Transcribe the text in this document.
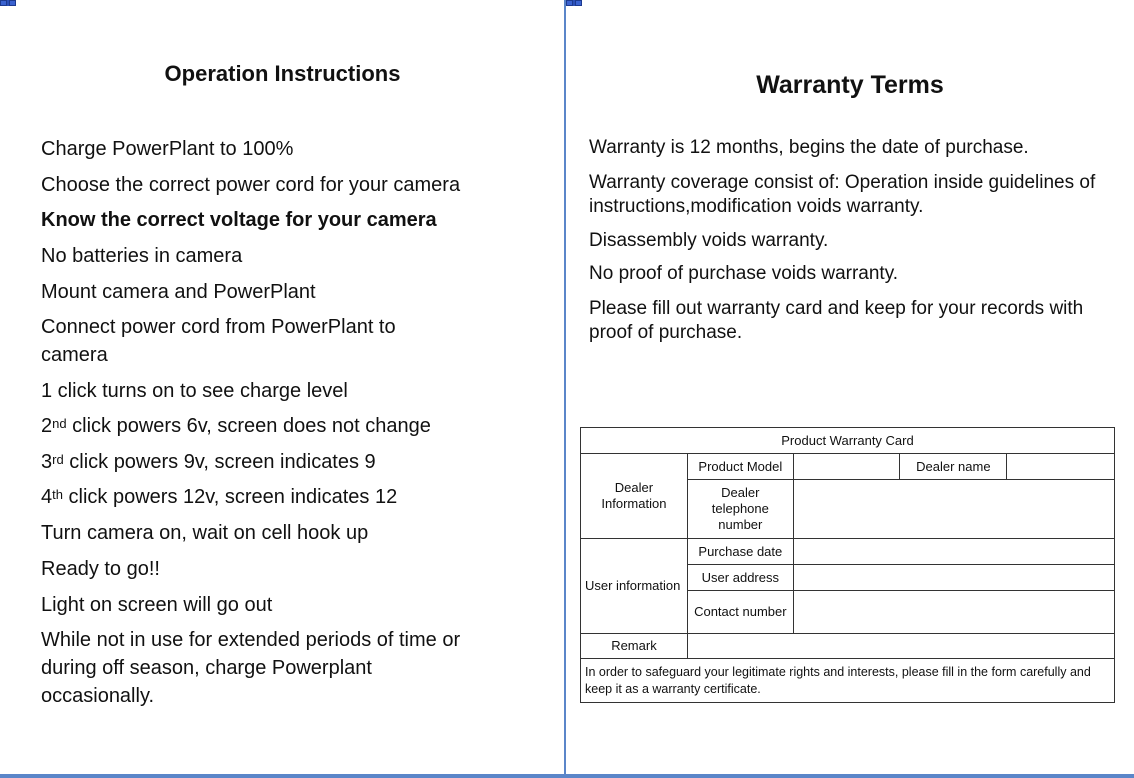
Operation Instructions
Charge PowerPlant to 100%
Choose the correct power cord for your camera
Know the correct voltage for your camera
No batteries in camera
Mount camera and PowerPlant
Connect power cord from PowerPlant to
camera
1 click turns on to see charge level
2nd click powers 6v, screen does not change
3rd click powers 9v, screen indicates 9
4th click powers 12v, screen indicates 12
Turn camera on, wait on cell hook up
Ready to go!!
Light on screen will go out
While not in use for extended periods of time or
during off season, charge Powerplant
occasionally.
Warranty Terms

Warranty is 12 months, begins the date of purchase.

Warranty coverage consist of: Operation inside guidelines of instructions,modification voids warranty.

Disassembly voids warranty.

No proof of purchase voids warranty.

Please fill out warranty card and keep for your records with proof of purchase.

Product Warranty Card				
Dealer Information	Product Model		Dealer name	
	Dealer telephone number			
User information	Purchase date			
	User address			
	Contact number			
Remark				
In order to safeguard your legitimate rights and interests, please fill in the form carefully and keep it as a warranty certificate.				
